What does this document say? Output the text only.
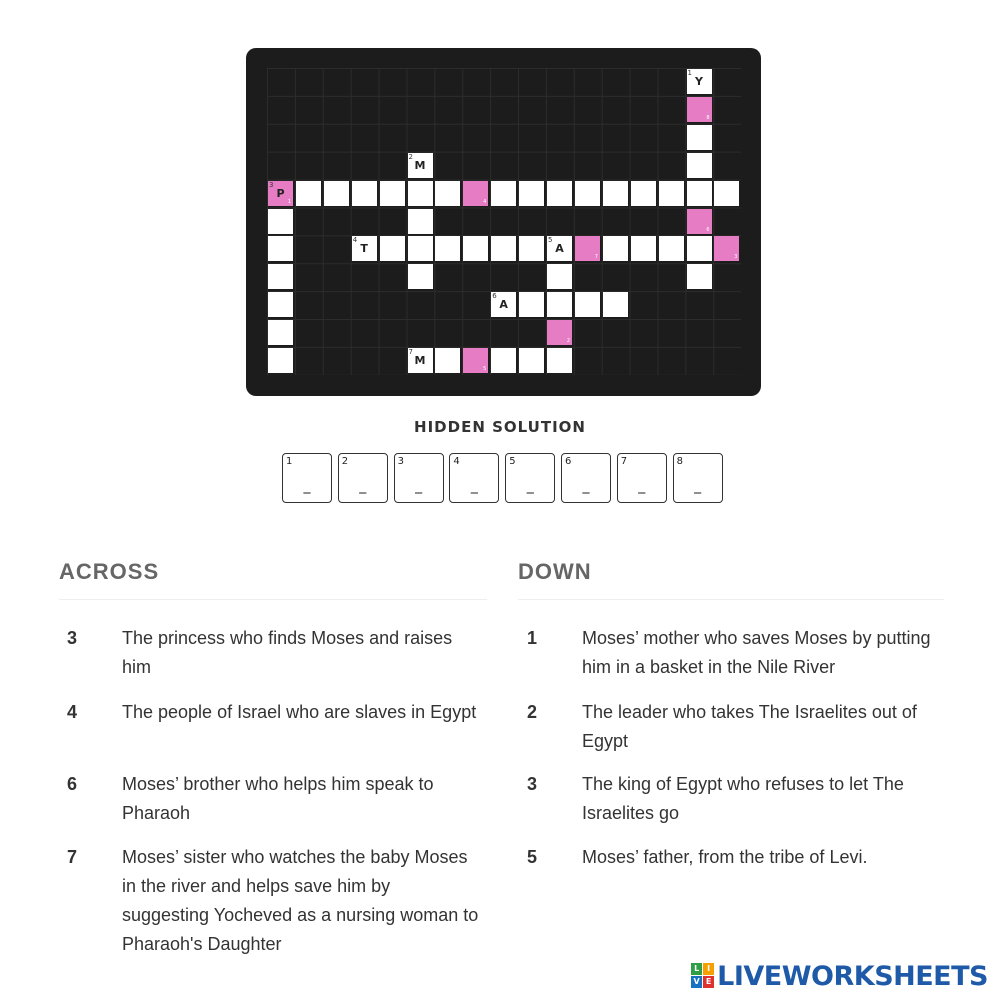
1
Y
8
6
2
M
3
P
1	4
4
T
5
A
7	3
2
6
A
7
M
5
HIDDEN SOLUTION
1
_
2
_
3
_
4
_
5
_
6
_
7
_
8
_
ACROSS
3 The princess who finds Moses and raises him
4 The people of Israel who are slaves in Egypt
6 Moses’ brother who helps him speak to Pharaoh
7 Moses’ sister who watches the baby Moses in the river and helps save him by suggesting Yocheved as a nursing woman to Pharaoh's Daughter
DOWN
1 Moses’ mother who saves Moses by putting him in a basket in the Nile River
2 The leader who takes The Israelites out of Egypt
3 The king of Egypt who refuses to let The Israelites go
5 Moses’ father, from the tribe of Levi.
L I
V E LIVEWORKSHEETS
